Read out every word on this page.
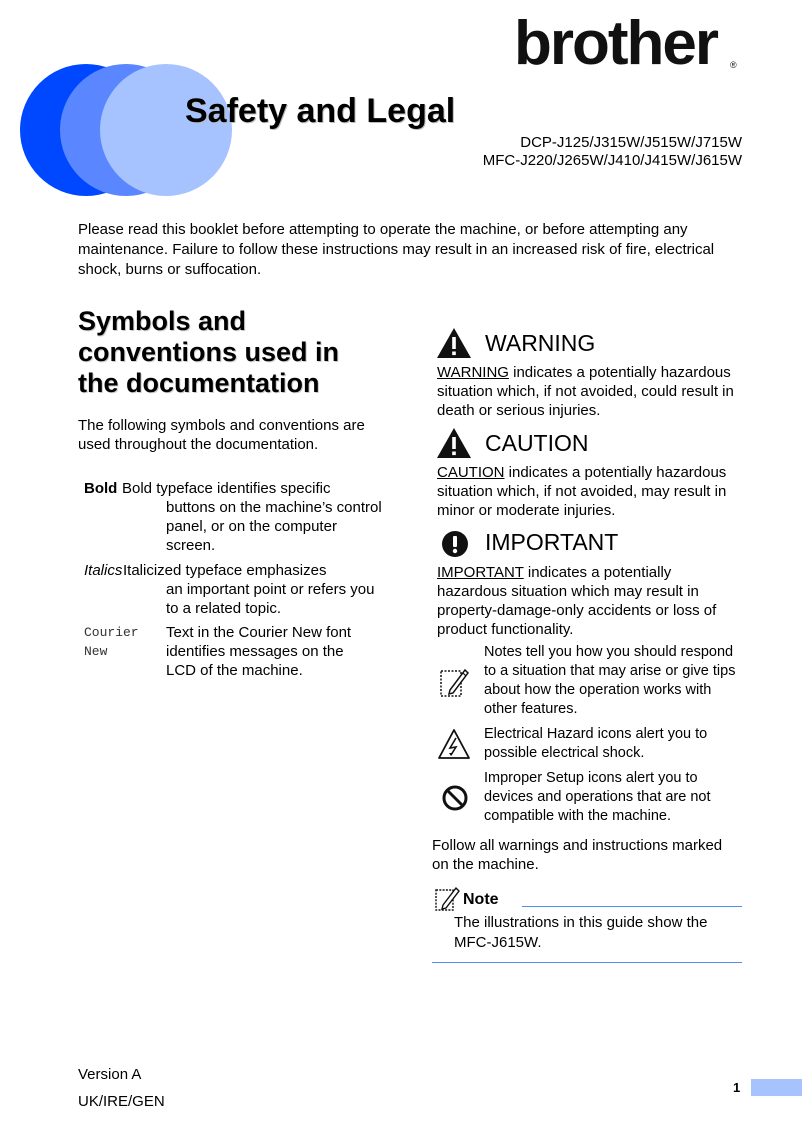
brother ®
Safety and Legal
DCP-J125/J315W/J515W/J715W
MFC-J220/J265W/J410/J415W/J615W
Please read this booklet before attempting to operate the machine, or before attempting any maintenance. Failure to follow these instructions may result in an increased risk of fire, electrical shock, burns or suffocation.
Symbols and
conventions used in
the documentation
The following symbols and conventions are used throughout the documentation.
Bold Bold typeface identifies specific
buttons on the machine’s control panel, or on the computer screen.
Italics Italicized typeface emphasizes
an important point or refers you to a related topic.
Courier
New
Text in the Courier New font identifies messages on the LCD of the machine.
WARNING
WARNING indicates a potentially hazardous situation which, if not avoided, could result in death or serious injuries.
CAUTION
CAUTION indicates a potentially hazardous situation which, if not avoided, may result in minor or moderate injuries.
IMPORTANT
IMPORTANT indicates a potentially hazardous situation which may result in property-damage-only accidents or loss of product functionality.
Notes tell you how you should respond to a situation that may arise or give tips about how the operation works with other features.
Electrical Hazard icons alert you to possible electrical shock.
Improper Setup icons alert you to devices and operations that are not compatible with the machine.
Follow all warnings and instructions marked on the machine.
Note
The illustrations in this guide show the MFC-J615W.
Version A
UK/IRE/GEN
1
